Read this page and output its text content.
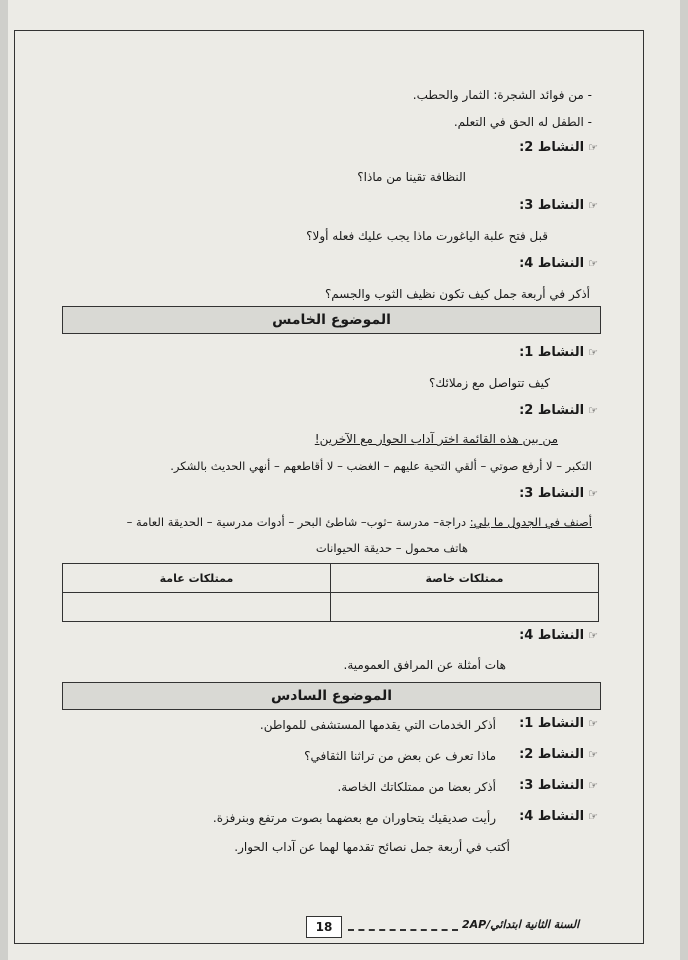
- من فوائد الشجرة: الثمار والحطب.
- الطفل له الحق في التعلم.
☞النشاط 2:
النظافة تقينا من ماذا؟
☞النشاط 3:
قبل فتح علبة الياغورت ماذا يجب عليك فعله أولا؟
☞النشاط 4:
أذكر في أربعة جمل كيف تكون نظيف الثوب والجسم؟
الموضوع الخامس
☞النشاط 1:
كيف تتواصل مع زملائك؟
☞النشاط 2:
من بين هذه القائمة اختر آداب الحوار مع الآخرين!
التكبر – لا أرفع صوتي – ألقي التحية عليهم – الغضب – لا أقاطعهم – أنهي الحديث بالشكر.
☞النشاط 3:
أصنف في الجدول ما يلي: دراجة– مدرسة –ثوب– شاطئ البحر – أدوات مدرسية – الحديقة العامة –
هاتف محمول – حديقة الحيوانات
ممتلكات خاصة	ممتلكات عامة

☞النشاط 4:
هات أمثلة عن المرافق العمومية.
الموضوع السادس
☞النشاط 1:
أذكر الخدمات التي يقدمها المستشفى للمواطن.
☞النشاط 2:
ماذا تعرف عن بعض من تراثنا الثقافي؟
☞النشاط 3:
أذكر بعضا من ممتلكاتك الخاصة.
☞النشاط 4:
رأيت صديقيك يتحاوران مع بعضهما بصوت مرتفع وبنرفزة.
أكتب في أربعة جمل نصائح تقدمها لهما عن آداب الحوار.
18	السنة الثانية ابتدائي/2AP
